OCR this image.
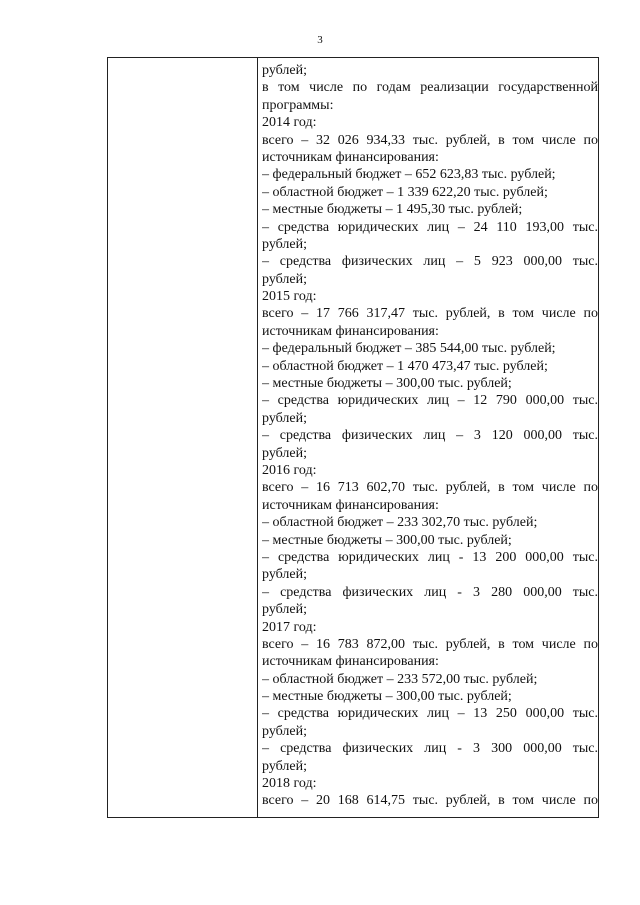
3
рублей;
в том числе по годам реализации государственной
программы:
2014 год:
всего – 32 026 934,33 тыс. рублей, в том числе по
источникам финансирования:
– федеральный бюджет – 652 623,83 тыс. рублей;
– областной бюджет – 1 339 622,20 тыс. рублей;
– местные бюджеты – 1 495,30 тыс. рублей;
– средства юридических лиц – 24 110 193,00 тыс.
рублей;
– средства физических лиц – 5 923 000,00 тыс.
рублей;
2015 год:
всего – 17 766 317,47 тыс. рублей, в том числе по
источникам финансирования:
– федеральный бюджет – 385 544,00 тыс. рублей;
– областной бюджет – 1 470 473,47 тыс. рублей;
– местные бюджеты – 300,00 тыс. рублей;
– средства юридических лиц – 12 790 000,00 тыс.
рублей;
– средства физических лиц – 3 120 000,00 тыс.
рублей;
2016 год:
всего – 16 713 602,70 тыс. рублей, в том числе по
источникам финансирования:
– областной бюджет – 233 302,70 тыс. рублей;
– местные бюджеты – 300,00 тыс. рублей;
– средства юридических лиц - 13 200 000,00 тыс.
рублей;
– средства физических лиц - 3 280 000,00 тыс.
рублей;
2017 год:
всего – 16 783 872,00 тыс. рублей, в том числе по
источникам финансирования:
– областной бюджет – 233 572,00 тыс. рублей;
– местные бюджеты – 300,00 тыс. рублей;
– средства юридических лиц – 13 250 000,00 тыс.
рублей;
– средства физических лиц - 3 300 000,00 тыс.
рублей;
2018 год:
всего – 20 168 614,75 тыс. рублей, в том числе по
